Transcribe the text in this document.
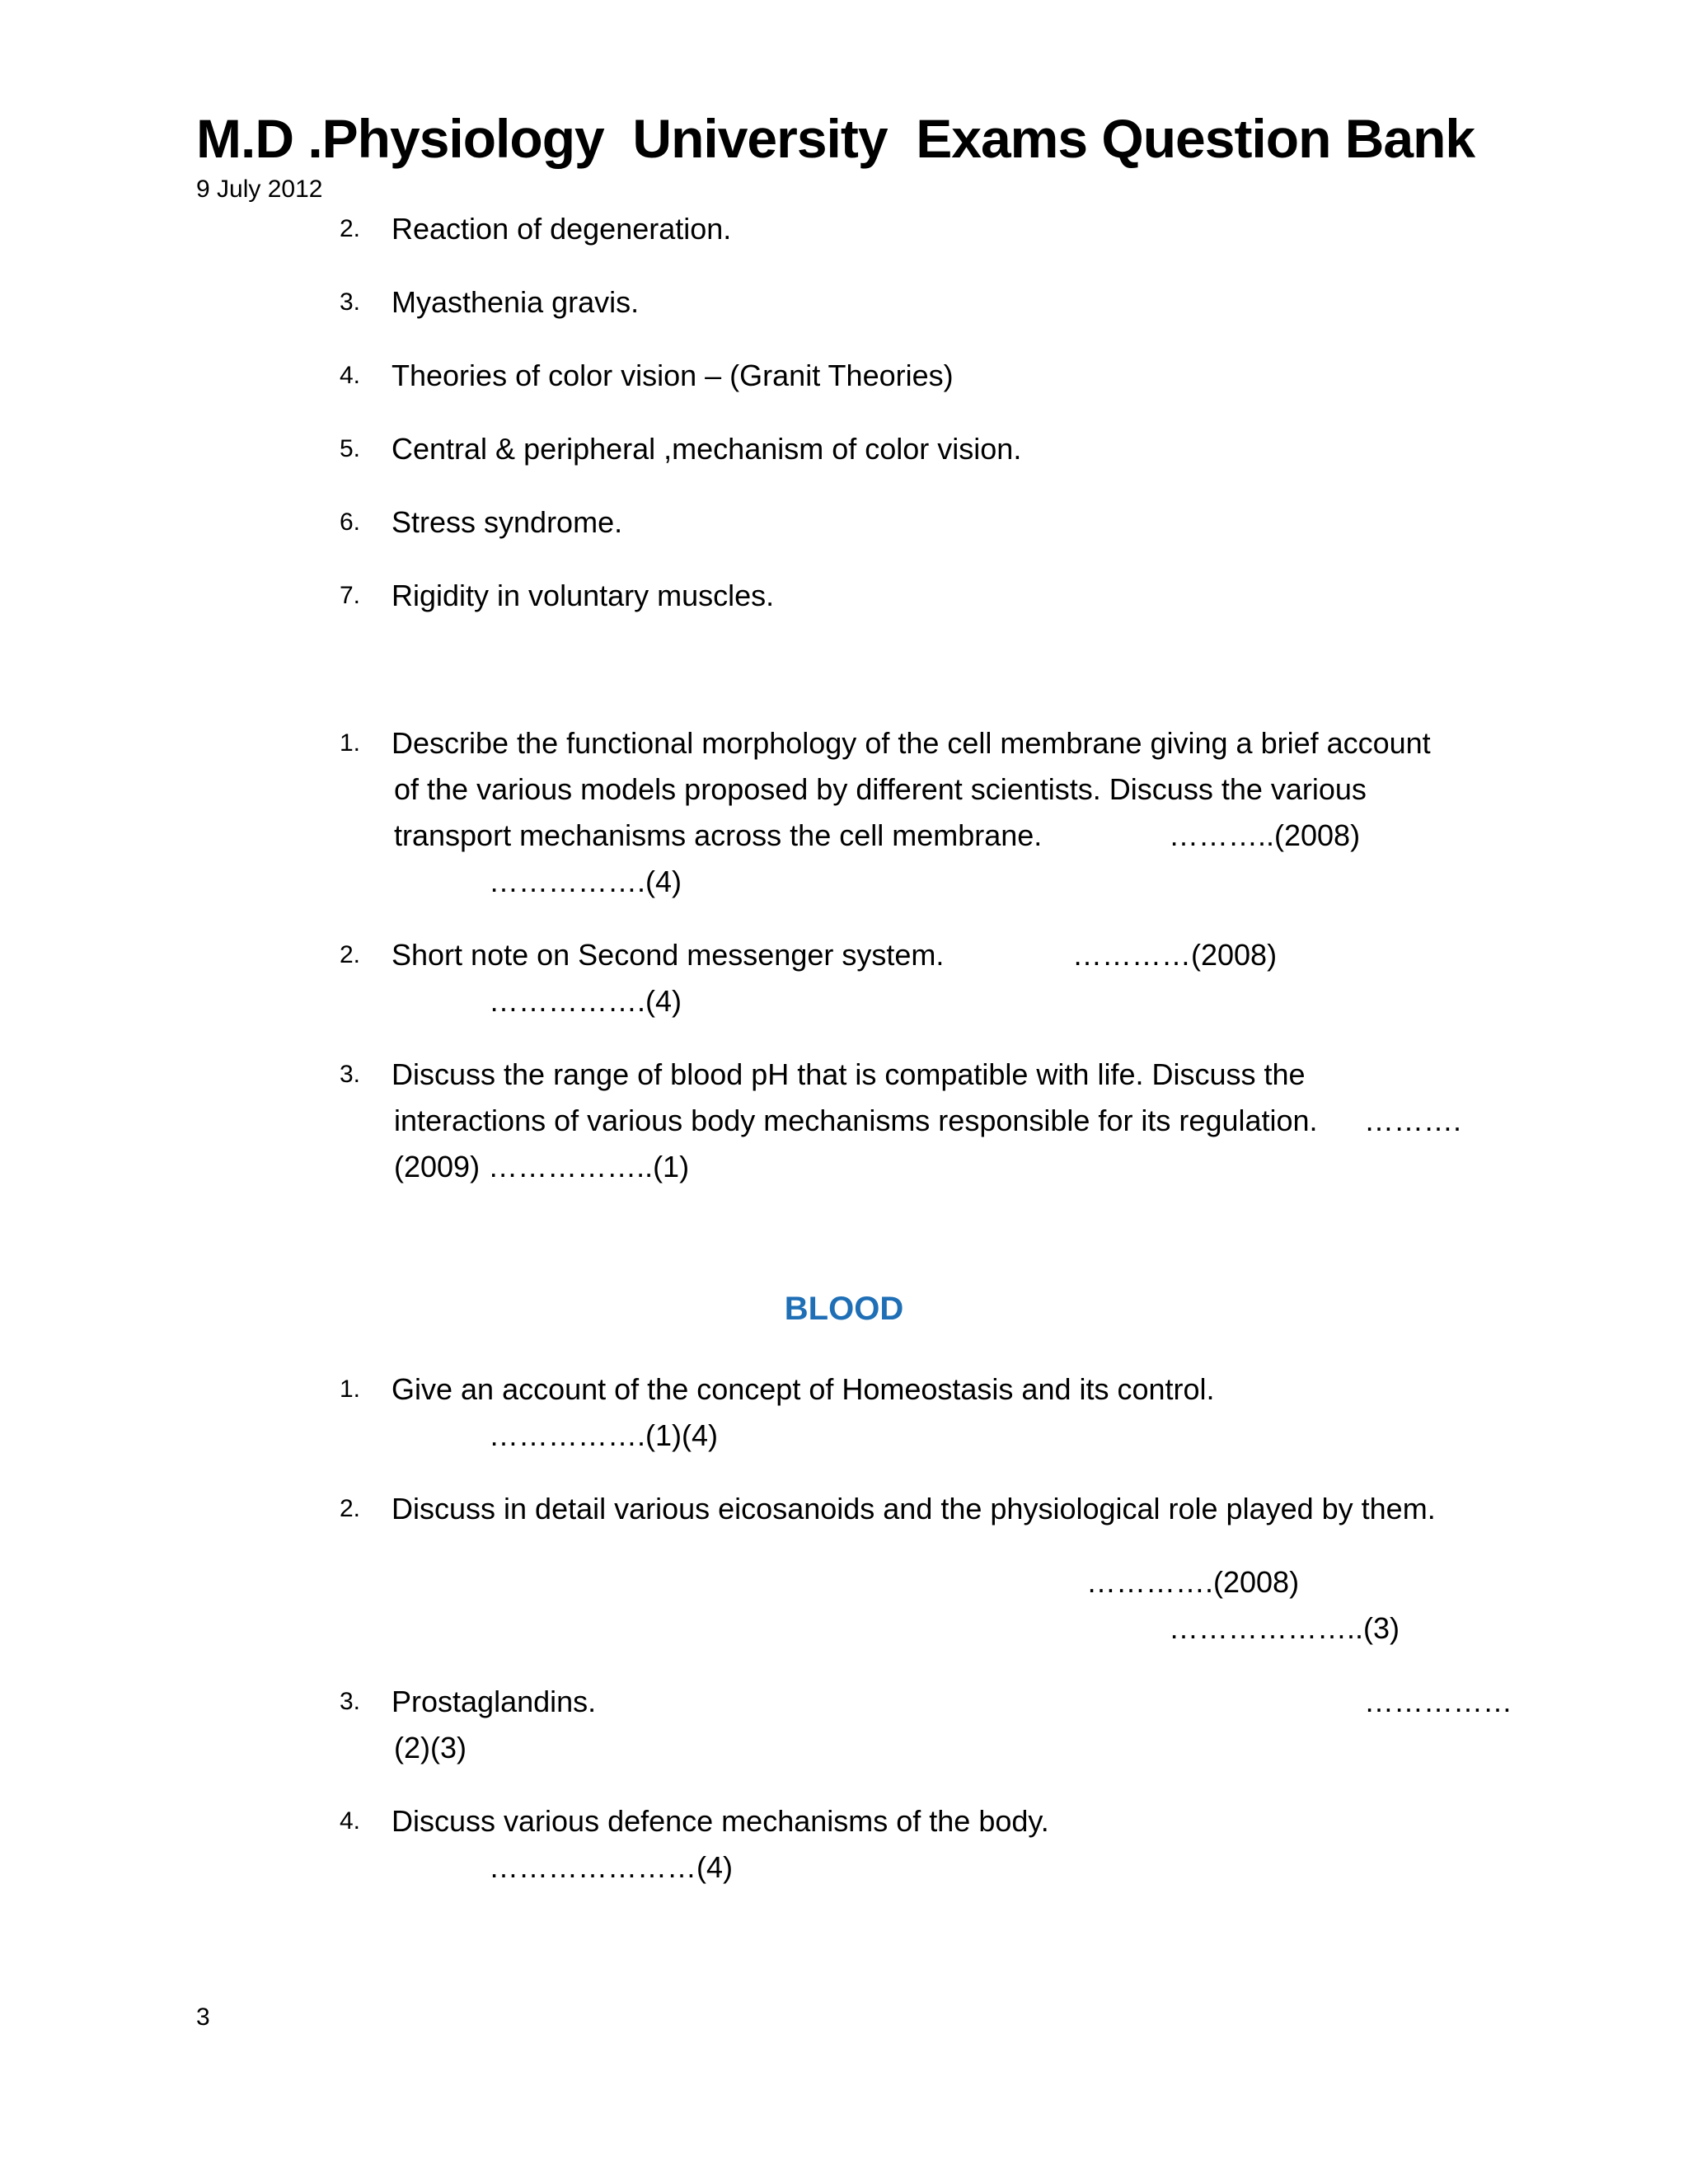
M.D .Physiology  University  Exams Question Bank
9 July 2012
2.	Reaction of degeneration.
3.	Myasthenia gravis.
4.	Theories of color vision – (Granit Theories)
5.	Central & peripheral ,mechanism of color vision.
6.	Stress syndrome.
7.	Rigidity in voluntary muscles.
1. Describe the functional morphology of the cell membrane giving a brief account
of the various models proposed by different scientists. Discuss the various
transport mechanisms across the cell membrane.	………..(2008)
…………….(4)
2. Short note on Second messenger system.	…………(2008)
…………….(4)
3. Discuss the range of blood pH that is compatible with life. Discuss the
interactions of various body mechanisms responsible for its regulation. ……….
(2009) ……………..(1)
BLOOD
1. Give an account of the concept of Homeostasis and its control.
…………….(1)(4)
2. Discuss in detail various eicosanoids and the physiological role played by them.
………….(2008)
………………..(3)
3. Prostaglandins.	……………
(2)(3)
4. Discuss various defence mechanisms of the body.
…………………(4)
3
